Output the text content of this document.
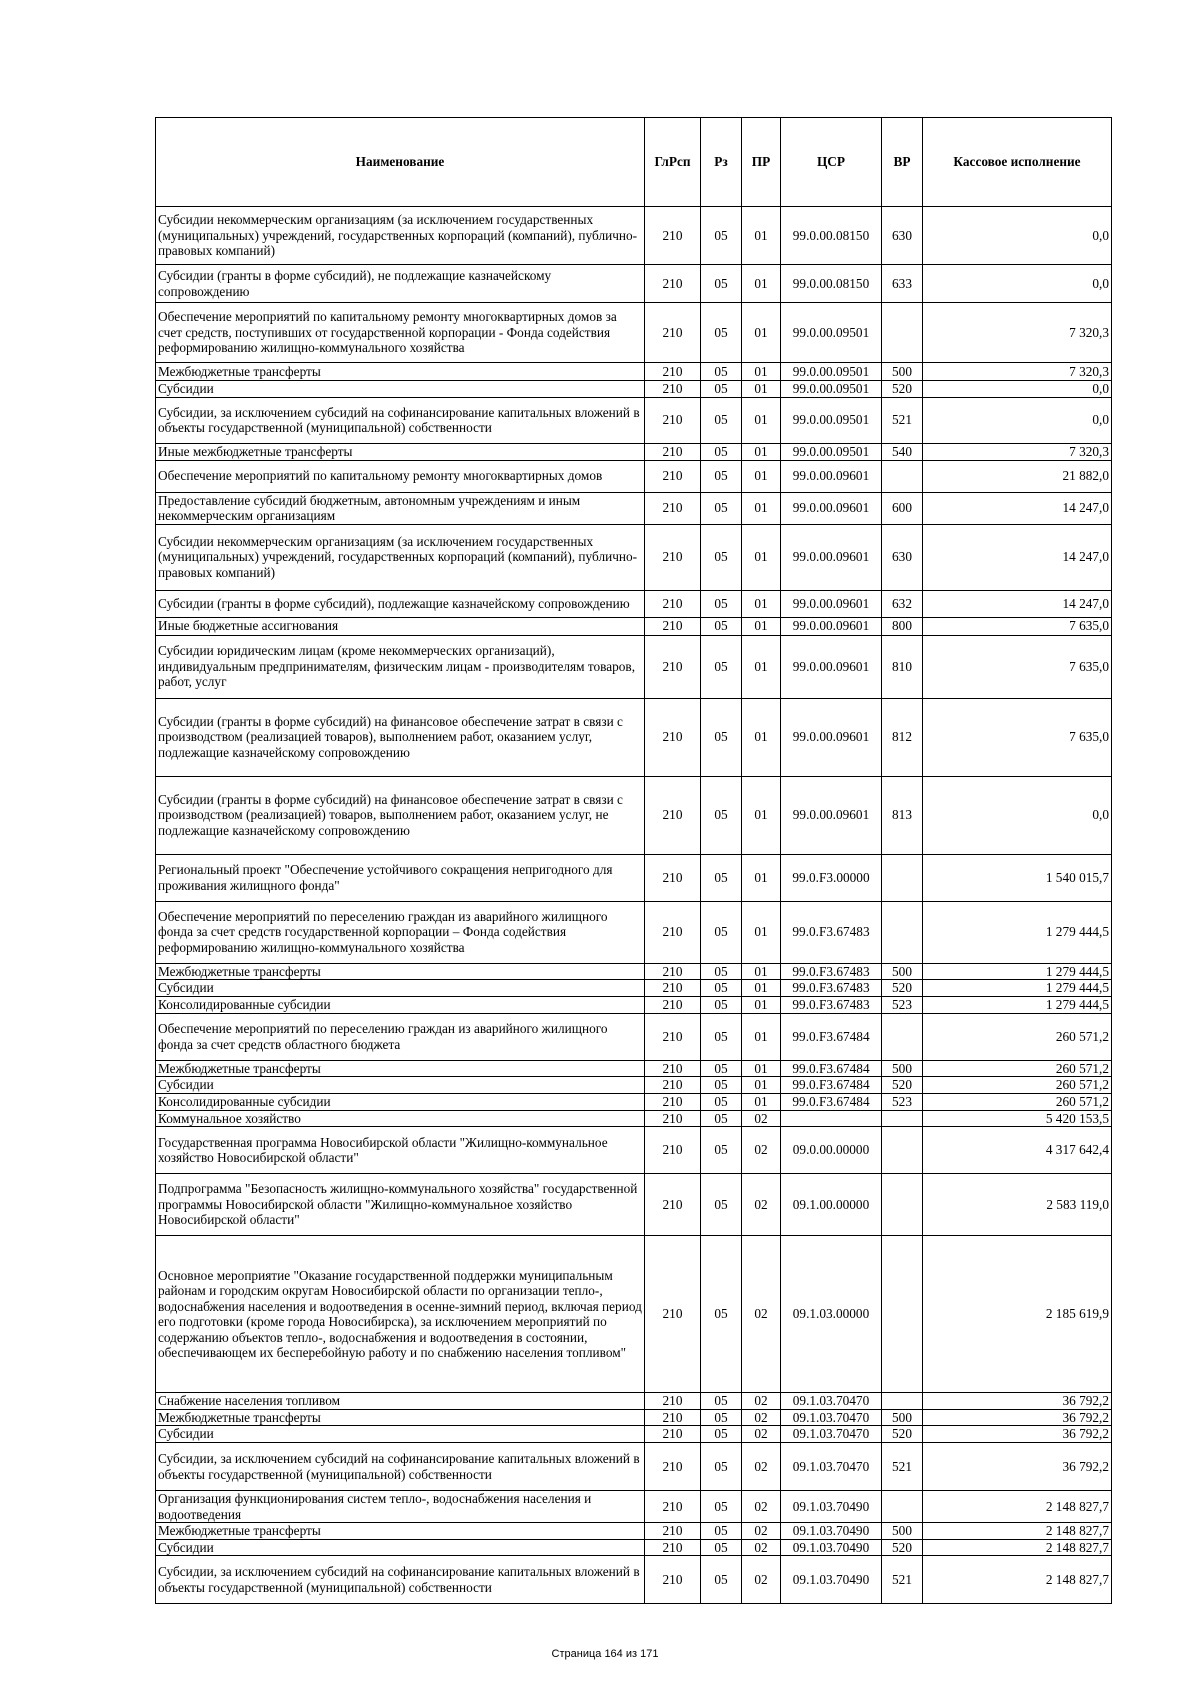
Наименование	ГлРсп	Рз	ПР	ЦСР	ВР	Кассовое исполнение
Субсидии некоммерческим организациям (за исключением государственных (муниципальных) учреждений, государственных корпораций (компаний), публично-правовых компаний)	210	05	01	99.0.00.08150	630	0,0
Субсидии (гранты в форме субсидий), не подлежащие казначейскому сопровождению	210	05	01	99.0.00.08150	633	0,0
Обеспечение мероприятий по капитальному ремонту многоквартирных домов за счет средств, поступивших от государственной корпорации - Фонда содействия реформированию жилищно-коммунального хозяйства	210	05	01	99.0.00.09501		7 320,3
Межбюджетные трансферты	210	05	01	99.0.00.09501	500	7 320,3
Субсидии	210	05	01	99.0.00.09501	520	0,0
Субсидии, за исключением субсидий на софинансирование капитальных вложений в объекты государственной (муниципальной) собственности	210	05	01	99.0.00.09501	521	0,0
Иные межбюджетные трансферты	210	05	01	99.0.00.09501	540	7 320,3
Обеспечение мероприятий по капитальному ремонту многоквартирных домов	210	05	01	99.0.00.09601		21 882,0
Предоставление субсидий бюджетным, автономным учреждениям и иным некоммерческим организациям	210	05	01	99.0.00.09601	600	14 247,0
Субсидии некоммерческим организациям (за исключением государственных (муниципальных) учреждений, государственных корпораций (компаний), публично-правовых компаний)	210	05	01	99.0.00.09601	630	14 247,0
Субсидии (гранты в форме субсидий), подлежащие казначейскому сопровождению	210	05	01	99.0.00.09601	632	14 247,0
Иные бюджетные ассигнования	210	05	01	99.0.00.09601	800	7 635,0
Субсидии юридическим лицам (кроме некоммерческих организаций), индивидуальным предпринимателям, физическим лицам - производителям товаров, работ, услуг	210	05	01	99.0.00.09601	810	7 635,0
Субсидии (гранты в форме субсидий) на финансовое обеспечение затрат в связи с производством (реализацией товаров), выполнением работ, оказанием услуг, подлежащие казначейскому сопровождению	210	05	01	99.0.00.09601	812	7 635,0
Субсидии (гранты в форме субсидий) на финансовое обеспечение затрат в связи с производством (реализацией) товаров, выполнением работ, оказанием услуг, не подлежащие казначейскому сопровождению	210	05	01	99.0.00.09601	813	0,0
Региональный проект "Обеспечение устойчивого сокращения непригодного для проживания жилищного фонда"	210	05	01	99.0.F3.00000		1 540 015,7
Обеспечение мероприятий по переселению граждан из аварийного жилищного фонда за счет средств государственной корпорации – Фонда содействия реформированию жилищно-коммунального хозяйства	210	05	01	99.0.F3.67483		1 279 444,5
Межбюджетные трансферты	210	05	01	99.0.F3.67483	500	1 279 444,5
Субсидии	210	05	01	99.0.F3.67483	520	1 279 444,5
Консолидированные субсидии	210	05	01	99.0.F3.67483	523	1 279 444,5
Обеспечение мероприятий по переселению граждан из аварийного жилищного фонда за счет средств областного бюджета	210	05	01	99.0.F3.67484		260 571,2
Межбюджетные трансферты	210	05	01	99.0.F3.67484	500	260 571,2
Субсидии	210	05	01	99.0.F3.67484	520	260 571,2
Консолидированные субсидии	210	05	01	99.0.F3.67484	523	260 571,2
Коммунальное хозяйство	210	05	02			5 420 153,5
Государственная программа Новосибирской области "Жилищно-коммунальное хозяйство Новосибирской области"	210	05	02	09.0.00.00000		4 317 642,4
Подпрограмма "Безопасность жилищно-коммунального хозяйства" государственной программы Новосибирской области "Жилищно-коммунальное хозяйство Новосибирской области"	210	05	02	09.1.00.00000		2 583 119,0
Основное мероприятие "Оказание государственной поддержки муниципальным районам и городским округам Новосибирской области по организации тепло-, водоснабжения населения и водоотведения в осенне-зимний период, включая период его подготовки (кроме города Новосибирска), за исключением мероприятий по содержанию объектов тепло-, водоснабжения и водоотведения в состоянии, обеспечивающем их бесперебойную работу и по снабжению населения топливом"	210	05	02	09.1.03.00000		2 185 619,9
Снабжение населения топливом	210	05	02	09.1.03.70470		36 792,2
Межбюджетные трансферты	210	05	02	09.1.03.70470	500	36 792,2
Субсидии	210	05	02	09.1.03.70470	520	36 792,2
Субсидии, за исключением субсидий на софинансирование капитальных вложений в объекты государственной (муниципальной) собственности	210	05	02	09.1.03.70470	521	36 792,2
Организация функционирования систем тепло-, водоснабжения населения и водоотведения	210	05	02	09.1.03.70490		2 148 827,7
Межбюджетные трансферты	210	05	02	09.1.03.70490	500	2 148 827,7
Субсидии	210	05	02	09.1.03.70490	520	2 148 827,7
Субсидии, за исключением субсидий на софинансирование капитальных вложений в объекты государственной (муниципальной) собственности	210	05	02	09.1.03.70490	521	2 148 827,7
Страница 164 из 171
